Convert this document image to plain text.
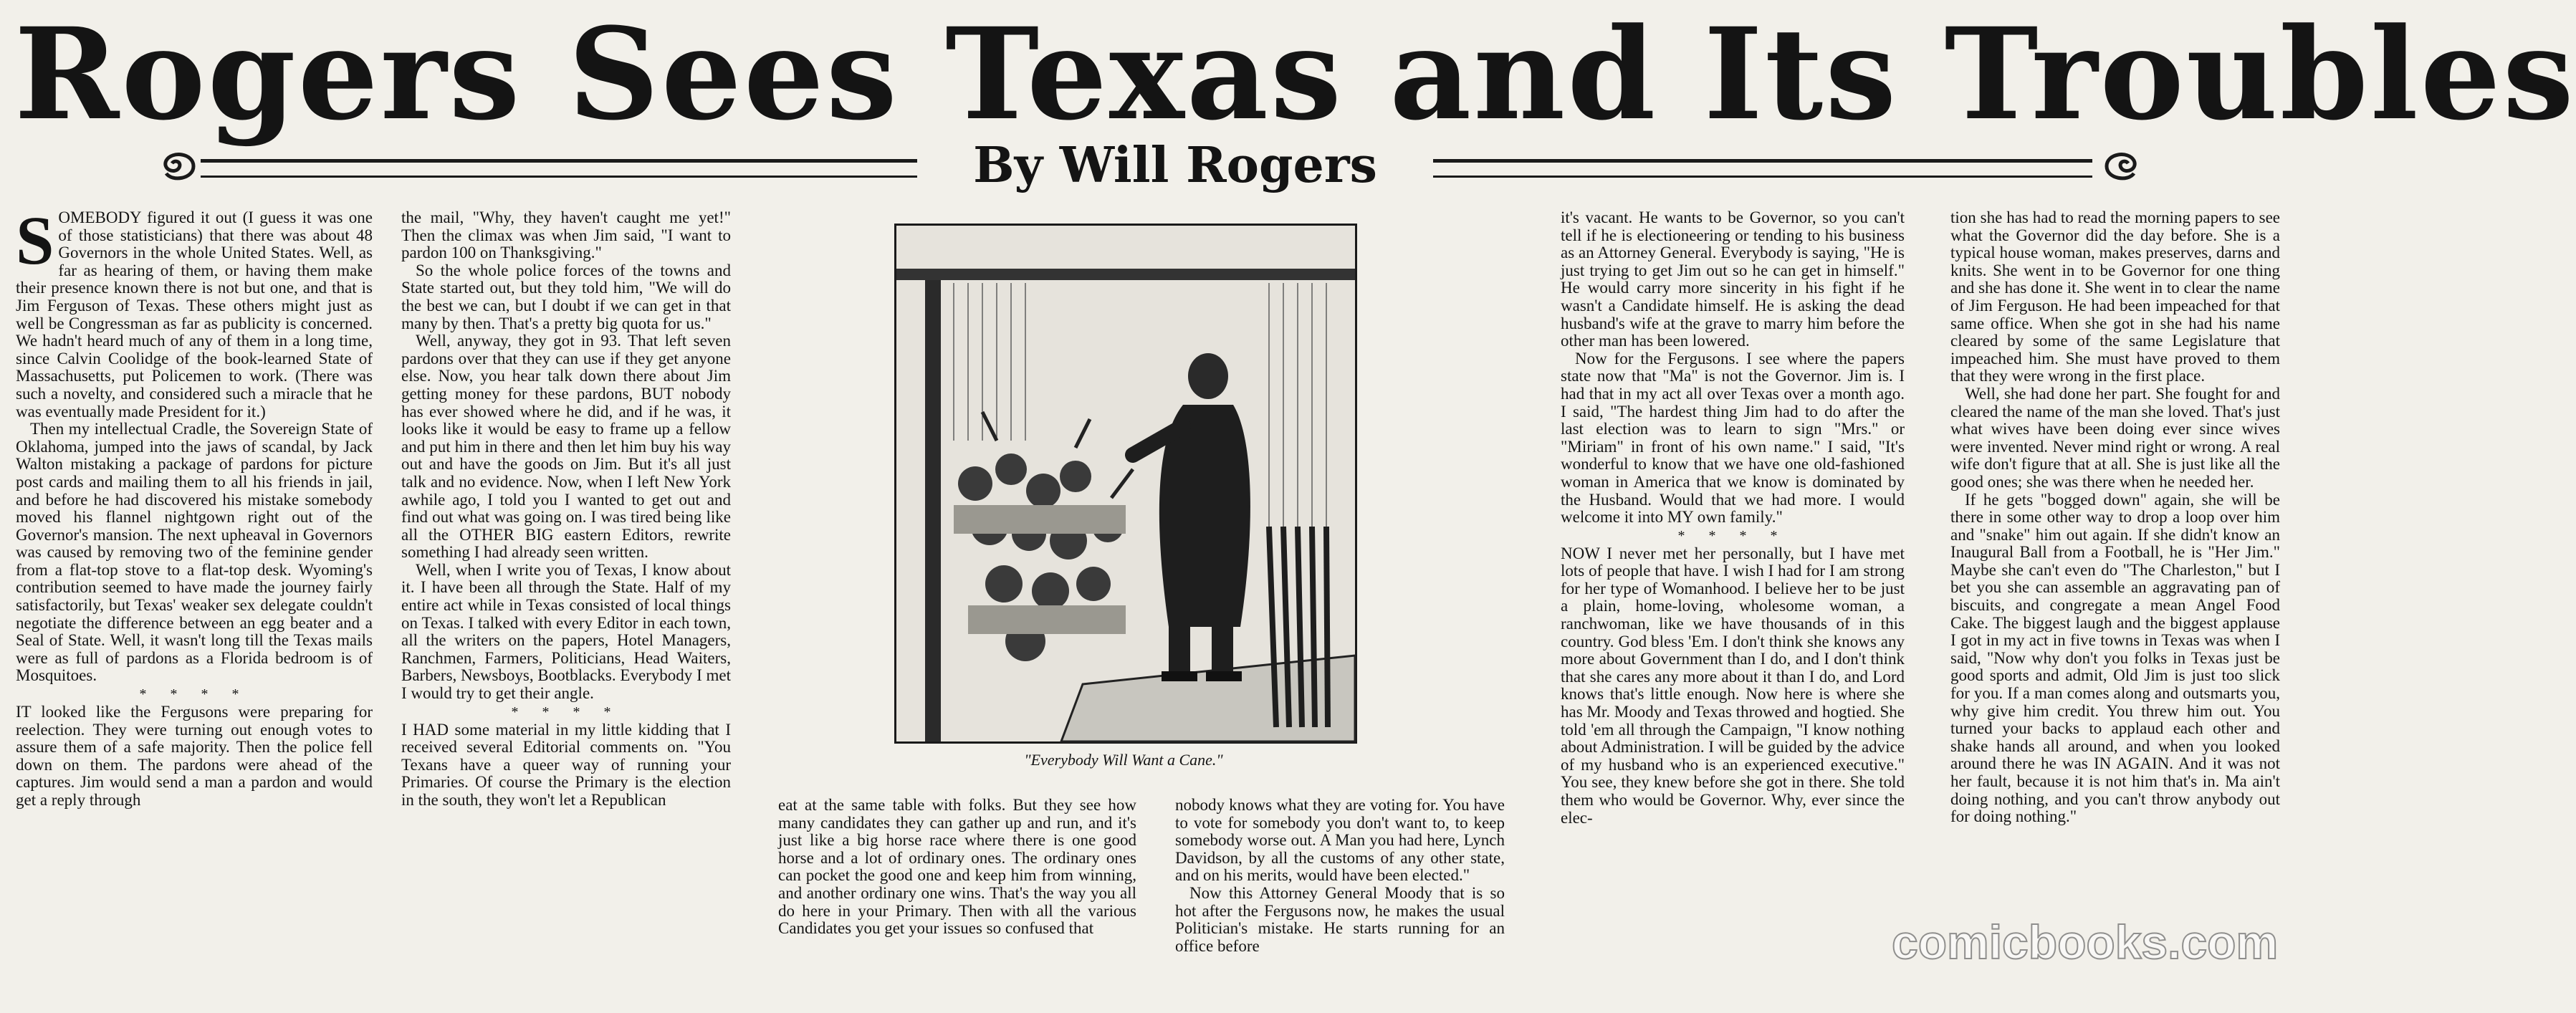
Rogers Sees Texas and Its Troubles
By Will Rogers

SOMEBODY figured it out (I guess it was one of those statisticians) that there was about 48 Governors in the whole United States. Well, as far as hearing of them, or having them make their presence known there is not but one, and that is Jim Ferguson of Texas. These others might just as well be Congressman as far as publicity is concerned. We hadn't heard much of any of them in a long time, since Calvin Coolidge of the book-learned State of Massachusetts, put Policemen to work. (There was such a novelty, and considered such a miracle that he was eventually made President for it.)

Then my intellectual Cradle, the Sovereign State of Oklahoma, jumped into the jaws of scandal, by Jack Walton mistaking a package of pardons for picture post cards and mailing them to all his friends in jail, and before he had discovered his mistake somebody moved his flannel nightgown right out of the Governor's mansion. The next upheaval in Governors was caused by removing two of the feminine gender from a flat-top stove to a flat-top desk. Wyoming's contribution seemed to have made the journey fairly satisfactorily, but Texas' weaker sex delegate couldn't negotiate the difference between an egg beater and a Seal of State. Well, it wasn't long till the Texas mails were as full of pardons as a Florida bedroom is of Mosquitoes.

* * * *

IT looked like the Fergusons were preparing for reelection. They were turning out enough votes to assure them of a safe majority. Then the police fell down on them. The pardons were ahead of the captures. Jim would send a man a pardon and would get a reply through

the mail, "Why, they haven't caught me yet!" Then the climax was when Jim said, "I want to pardon 100 on Thanksgiving."

So the whole police forces of the towns and State started out, but they told him, "We will do the best we can, but I doubt if we can get in that many by then. That's a pretty big quota for us."

Well, anyway, they got in 93. That left seven pardons over that they can use if they get anyone else. Now, you hear talk down there about Jim getting money for these pardons, BUT nobody has ever showed where he did, and if he was, it looks like it would be easy to frame up a fellow and put him in there and then let him buy his way out and have the goods on Jim. But it's all just talk and no evidence. Now, when I left New York awhile ago, I told you I wanted to get out and find out what was going on. I was tired being like all the OTHER BIG eastern Editors, rewrite something I had already seen written.

Well, when I write you of Texas, I know about it. I have been all through the State. Half of my entire act while in Texas consisted of local things on Texas. I talked with every Editor in each town, all the writers on the papers, Hotel Managers, Ranchmen, Farmers, Politicians, Head Waiters, Barbers, Newsboys, Bootblacks. Everybody I met I would try to get their angle.

* * * *

I HAD some material in my little kidding that I received several Editorial comments on. "You Texans have a queer way of running your Primaries. Of course the Primary is the election in the south, they won't let a Republican

"Everybody Will Want a Cane."

eat at the same table with folks. But they see how many candidates they can gather up and run, and it's just like a big horse race where there is one good horse and a lot of ordinary ones. The ordinary ones can pocket the good one and keep him from winning, and another ordinary one wins. That's the way you all do here in your Primary. Then with all the various Candidates you get your issues so confused that

nobody knows what they are voting for. You have to vote for somebody you don't want to, to keep somebody worse out. A Man you had here, Lynch Davidson, by all the customs of any other state, and on his merits, would have been elected."

Now this Attorney General Moody that is so hot after the Fergusons now, he makes the usual Politician's mistake. He starts running for an office before

it's vacant. He wants to be Governor, so you can't tell if he is electioneering or tending to his business as an Attorney General. Everybody is saying, "He is just trying to get Jim out so he can get in himself." He would carry more sincerity in his fight if he wasn't a Candidate himself. He is asking the dead husband's wife at the grave to marry him before the other man has been lowered.

Now for the Fergusons. I see where the papers state now that "Ma" is not the Governor. Jim is. I had that in my act all over Texas over a month ago. I said, "The hardest thing Jim had to do after the last election was to learn to sign "Mrs." or "Miriam" in front of his own name." I said, "It's wonderful to know that we have one old-fashioned woman in America that we know is dominated by the Husband. Would that we had more. I would welcome it into MY own family."

* * * *

NOW I never met her personally, but I have met lots of people that have. I wish I had for I am strong for her type of Womanhood. I believe her to be just a plain, home-loving, wholesome woman, a ranchwoman, like we have thousands of in this country. God bless 'Em. I don't think she knows any more about Government than I do, and I don't think that she cares any more about it than I do, and Lord knows that's little enough. Now here is where she has Mr. Moody and Texas throwed and hogtied. She told 'em all through the Campaign, "I know nothing about Administration. I will be guided by the advice of my husband who is an experienced executive." You see, they knew before she got in there. She told them who would be Governor. Why, ever since the elec-

tion she has had to read the morning papers to see what the Governor did the day before. She is a typical house woman, makes preserves, darns and knits. She went in to be Governor for one thing and she has done it. She went in to clear the name of Jim Ferguson. He had been impeached for that same office. When she got in she had his name cleared by some of the same Legislature that impeached him. She must have proved to them that they were wrong in the first place.

Well, she had done her part. She fought for and cleared the name of the man she loved. That's just what wives have been doing ever since wives were invented. Never mind right or wrong. A real wife don't figure that at all. She is just like all the good ones; she was there when he needed her.

If he gets "bogged down" again, she will be there in some other way to drop a loop over him and "snake" him out again. If she didn't know an Inaugural Ball from a Football, he is "Her Jim." Maybe she can't even do "The Charleston," but I bet you she can assemble an aggravating pan of biscuits, and congregate a mean Angel Food Cake. The biggest laugh and the biggest applause I got in my act in five towns in Texas was when I said, "Now why don't you folks in Texas just be good sports and admit, Old Jim is just too slick for you. If a man comes along and outsmarts you, why give him credit. You threw him out. You turned your backs to applaud each other and shake hands all around, and when you looked around there he was IN AGAIN. And it was not her fault, because it is not him that's in. Ma ain't doing nothing, and you can't throw anybody out for doing nothing."

comicbooks.com
